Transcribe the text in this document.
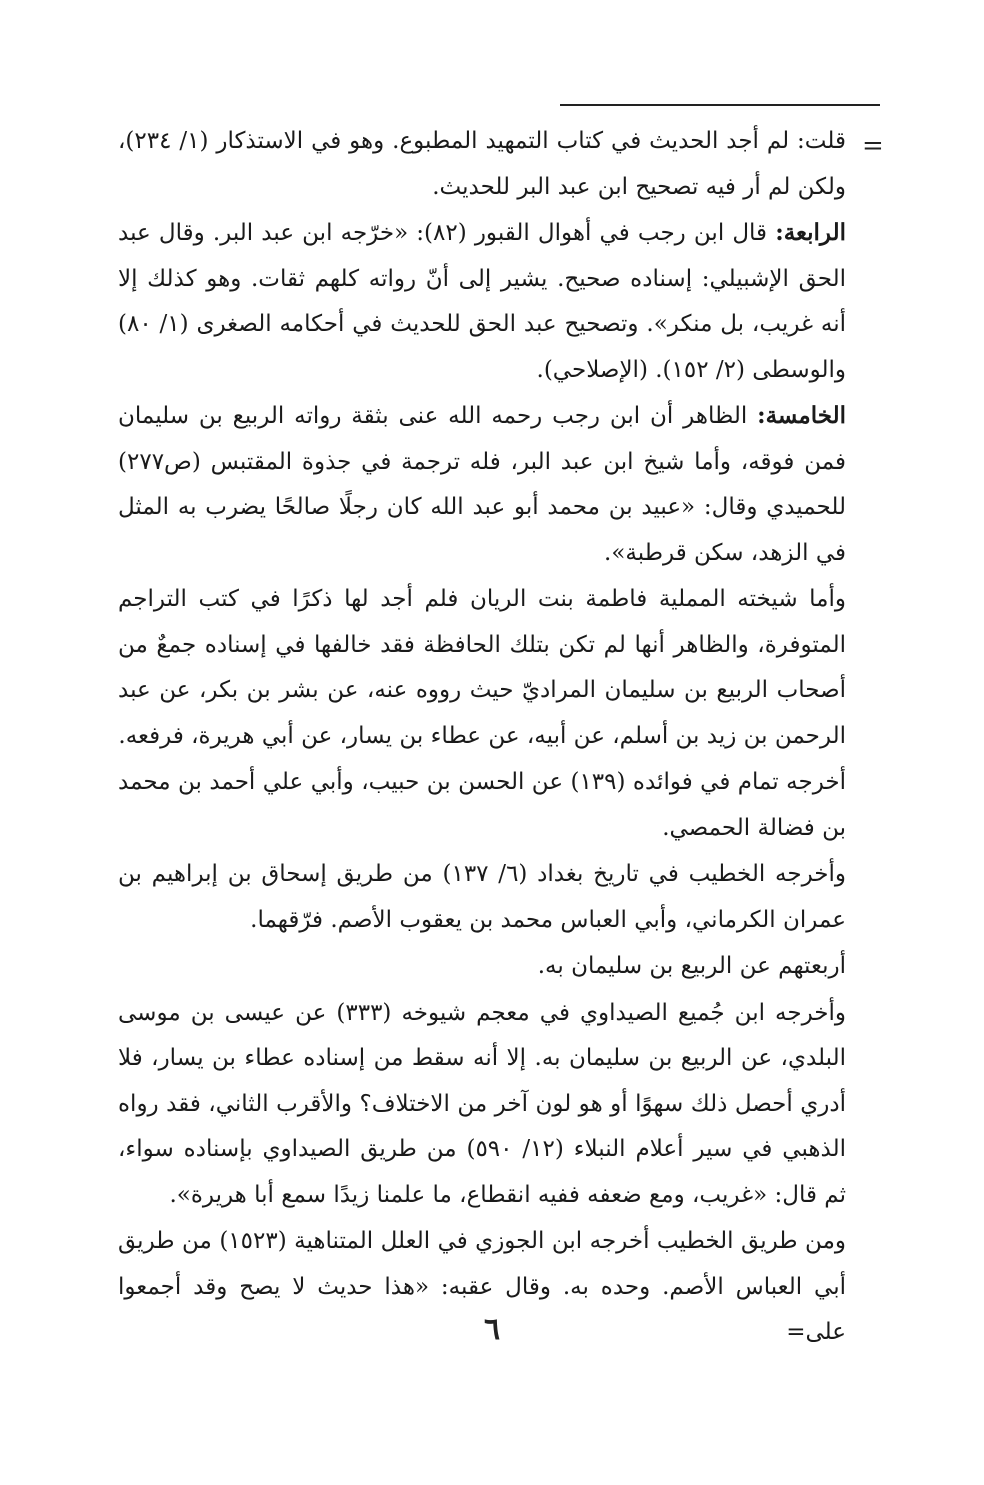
=

قلت: لم أجد الحديث في كتاب التمهيد المطبوع. وهو في الاستذكار (١/ ٢٣٤)، ولكن لم أر فيه تصحيح ابن عبد البر للحديث.

الرابعة: قال ابن رجب في أهوال القبور (٨٢): «خرّجه ابن عبد البر. وقال عبد الحق الإشبيلي: إسناده صحيح. يشير إلى أنّ رواته كلهم ثقات. وهو كذلك إلا أنه غريب، بل منكر». وتصحيح عبد الحق للحديث في أحكامه الصغرى (١/ ٨٠) والوسطى (٢/ ١٥٢). (الإصلاحي).

الخامسة: الظاهر أن ابن رجب رحمه الله عنى بثقة رواته الربيع بن سليمان فمن فوقه، وأما شيخ ابن عبد البر، فله ترجمة في جذوة المقتبس (ص٢٧٧) للحميدي وقال: «عبيد بن محمد أبو عبد الله كان رجلًا صالحًا يضرب به المثل في الزهد، سكن قرطبة».

وأما شيخته المملية فاطمة بنت الريان فلم أجد لها ذكرًا في كتب التراجم المتوفرة، والظاهر أنها لم تكن بتلك الحافظة فقد خالفها في إسناده جمعٌ من أصحاب الربيع بن سليمان المراديّ حيث رووه عنه، عن بشر بن بكر، عن عبد الرحمن بن زيد بن أسلم، عن أبيه، عن عطاء بن يسار، عن أبي هريرة، فرفعه.

أخرجه تمام في فوائده (١٣٩) عن الحسن بن حبيب، وأبي علي أحمد بن محمد بن فضالة الحمصي.

وأخرجه الخطيب في تاريخ بغداد (٦/ ١٣٧) من طريق إسحاق بن إبراهيم بن عمران الكرماني، وأبي العباس محمد بن يعقوب الأصم. فرّقهما.

أربعتهم عن الربيع بن سليمان به.

وأخرجه ابن جُميع الصيداوي في معجم شيوخه (٣٣٣) عن عيسى بن موسى البلدي، عن الربيع بن سليمان به. إلا أنه سقط من إسناده عطاء بن يسار، فلا أدري أحصل ذلك سهوًا أو هو لون آخر من الاختلاف؟ والأقرب الثاني، فقد رواه الذهبي في سير أعلام النبلاء (١٢/ ٥٩٠) من طريق الصيداوي بإسناده سواء، ثم قال: «غريب، ومع ضعفه ففيه انقطاع، ما علمنا زيدًا سمع أبا هريرة».

ومن طريق الخطيب أخرجه ابن الجوزي في العلل المتناهية (١٥٢٣) من طريق أبي العباس الأصم. وحده به. وقال عقبه: «هذا حديث لا يصح وقد أجمعوا على=

٦
